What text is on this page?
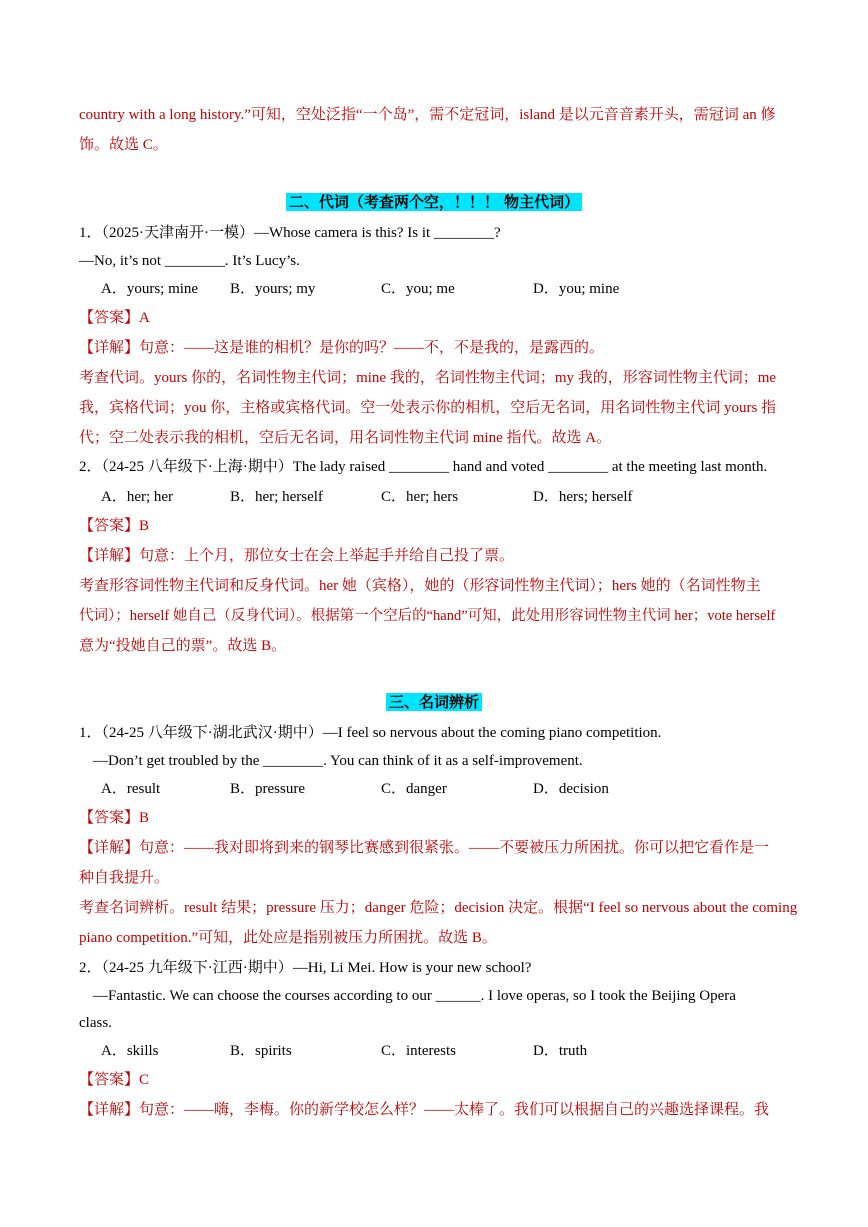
country with a long history.”可知，空处泛指“一个岛”，需不定冠词，island 是以元音音素开头，需冠词 an 修
饰。故选 C。
二、代词（考查两个空，！！！ 物主代词）
1．（2025·天津南开·一模）—Whose camera is this? Is it ________?
—No, it’s not ________. It’s Lucy’s.
A．yours; mine B．yours; my	C．you; me	D．you; mine
【答案】A
【详解】句意：——这是谁的相机？是你的吗？——不，不是我的，是露西的。
考查代词。yours 你的，名词性物主代词；mine 我的，名词性物主代词；my 我的，形容词性物主代词；me
我，宾格代词；you 你，主格或宾格代词。空一处表示你的相机，空后无名词，用名词性物主代词 yours 指
代；空二处表示我的相机，空后无名词，用名词性物主代词 mine 指代。故选 A。
2．（24-25 八年级下·上海·期中）The lady raised ________ hand and voted ________ at the meeting last month.
A．her; her	B．her; herself	C．her; hers	D．hers; herself
【答案】B
【详解】句意：上个月，那位女士在会上举起手并给自己投了票。
考查形容词性物主代词和反身代词。her 她（宾格），她的（形容词性物主代词）；hers 她的（名词性物主
代词）；herself 她自己（反身代词）。根据第一个空后的“hand”可知，此处用形容词性物主代词 her；vote herself
意为“投她自己的票”。故选 B。
三、名词辨析
1．（24-25 八年级下·湖北武汉·期中）—I feel so nervous about the coming piano competition.
—Don’t get troubled by the ________. You can think of it as a self-improvement.
A．result	B．pressure	C．danger	D．decision
【答案】B
【详解】句意：——我对即将到来的钢琴比赛感到很紧张。——不要被压力所困扰。你可以把它看作是一
种自我提升。
考查名词辨析。result 结果；pressure 压力；danger 危险；decision 决定。根据“I feel so nervous about the coming
piano competition.”可知，此处应是指别被压力所困扰。故选 B。
2．（24-25 九年级下·江西·期中）—Hi, Li Mei. How is your new school?
—Fantastic. We can choose the courses according to our ______. I love operas, so I took the Beijing Opera
class.
A．skills	B．spirits	C．interests	D．truth
【答案】C
【详解】句意：——嗨，李梅。你的新学校怎么样？——太棒了。我们可以根据自己的兴趣选择课程。我
